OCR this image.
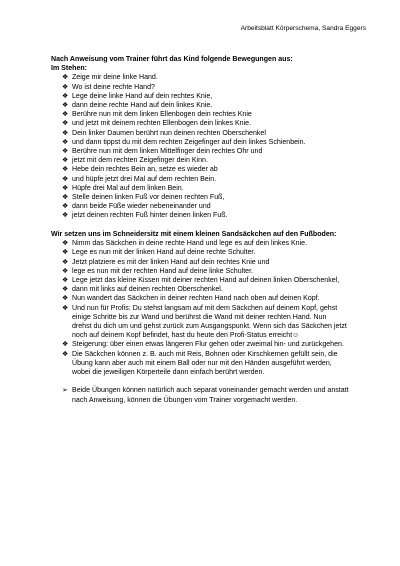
Arbeitsblatt Körperschema, Sandra Eggers
Nach Anweisung vom Trainer führt das Kind folgende Bewegungen aus:
Im Stehen:
❖ Zeige mir deine linke Hand.
❖ Wo ist deine rechte Hand?
❖ Lege deine linke Hand auf dein rechtes Knie,
❖ dann deine rechte Hand auf dein linkes Knie.
❖ Berühre nun mit dem linken Ellenbogen dein rechtes Knie
❖ und jetzt mit deinem rechten Ellenbogen dein linkes Knie.
❖ Dein linker Daumen berührt nun deinen rechten Oberschenkel
❖ und dann tippst du mit dem rechten Zeigefinger auf dein linkes Schienbein.
❖ Berühre nun mit dem linken Mittelfinger dein rechtes Ohr und
❖ jetzt mit dem rechten Zeigefinger dein Kinn.
❖ Hebe dein rechtes Bein an, setze es wieder ab
❖ und hüpfe jetzt drei Mal auf dem rechten Bein.
❖ Hüpfe drei Mal auf dem linken Bein.
❖ Stelle deinen linken Fuß vor deinen rechten Fuß,
❖ dann beide Füße wieder nebeneinander und
❖ jetzt deinen rechten Fuß hinter deinen linken Fuß.
Wir setzen uns im Schneidersitz mit einem kleinen Sandsäckchen auf den Fußboden:
❖ Nimm das Säckchen in deine rechte Hand und lege es auf dein linkes Knie.
❖ Lege es nun mit der linken Hand auf deine rechte Schulter.
❖ Jetzt platziere es mit der linken Hand auf dein rechtes Knie und
❖ lege es nun mit der rechten Hand auf deine linke Schulter.
❖ Lege jetzt das kleine Kissen mit deiner rechten Hand auf deinen linken Oberschenkel,
❖ dann mit links auf deinen rechten Oberschenkel.
❖ Nun wandert das Säckchen in deiner rechten Hand nach oben auf deinen Kopf.
❖ Und nun für Profis: Du stehst langsam auf mit dem Säckchen auf deinem Kopf, gehst einige Schritte bis zur Wand und berührst die Wand mit deiner rechten Hand. Nun drehst du dich um und gehst zurück zum Ausgangspunkt. Wenn sich das Säckchen jetzt noch auf deinem Kopf befindet, hast du heute den Profi-Status erreicht☺
❖ Steigerung: über einen etwas längeren Flur gehen oder zweimal hin- und zurückgehen.
❖ Die Säckchen können z. B. auch mit Reis, Bohnen oder Kirschkernen gefüllt sein, die Übung kann aber auch mit einem Ball oder nur mit den Händen ausgeführt werden, wobei die jeweiligen Körperteile dann einfach berührt werden.
➢ Beide Übungen können natürlich auch separat voneinander gemacht werden und anstatt nach Anweisung, können die Übungen vom Trainer vorgemacht werden.
